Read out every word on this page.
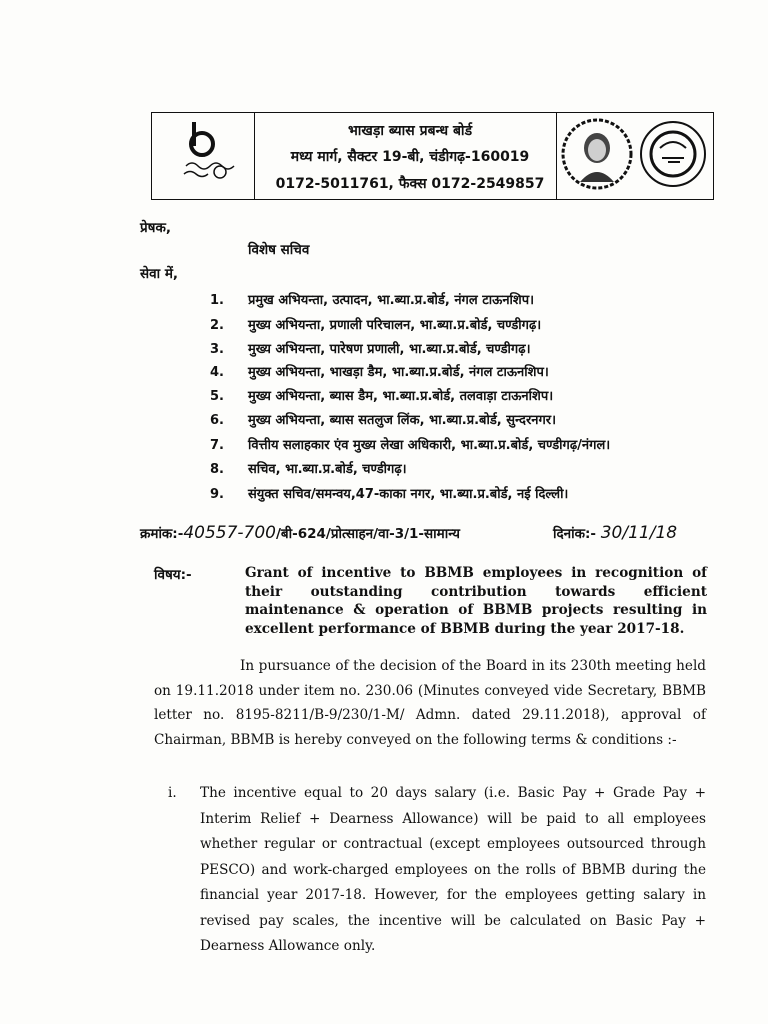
भाखड़ा ब्यास प्रबन्ध बोर्ड
मध्य मार्ग, सैक्टर 19-बी, चंडीगढ़-160019
0172-5011761, फैक्स 0172-2549857
प्रेषक,
विशेष सचिव
सेवा में,
1. प्रमुख अभियन्ता, उत्पादन, भा.ब्या.प्र.बोर्ड, नंगल टाऊनशिप।
2. मुख्य अभियन्ता, प्रणाली परिचालन, भा.ब्या.प्र.बोर्ड, चण्डीगढ़।
3. मुख्य अभियन्ता, पारेषण प्रणाली, भा.ब्या.प्र.बोर्ड, चण्डीगढ़।
4. मुख्य अभियन्ता, भाखड़ा डैम, भा.ब्या.प्र.बोर्ड, नंगल टाऊनशिप।
5. मुख्य अभियन्ता, ब्यास डैम, भा.ब्या.प्र.बोर्ड, तलवाड़ा टाऊनशिप।
6. मुख्य अभियन्ता, ब्यास सतलुज लिंक, भा.ब्या.प्र.बोर्ड, सुन्दरनगर।
7. वित्तीय सलाहकार एंव मुख्य लेखा अधिकारी, भा.ब्या.प्र.बोर्ड, चण्डीगढ़/नंगल।
8. सचिव, भा.ब्या.प्र.बोर्ड, चण्डीगढ़।
9. संयुक्त सचिव/समन्वय,47-काका नगर, भा.ब्या.प्र.बोर्ड, नई दिल्ली।
क्रमांक:-40557-700/बी-624/प्रोत्साहन/वा-3/1-सामान्य	दिनांक:- 30/11/18
विषय:-	Grant of incentive to BBMB employees in recognition of their outstanding contribution towards efficient maintenance & operation of BBMB projects resulting in excellent performance of BBMB during the year 2017-18.
In pursuance of the decision of the Board in its 230th meeting held on 19.11.2018 under item no. 230.06 (Minutes conveyed vide Secretary, BBMB letter no. 8195-8211/B-9/230/1-M/ Admn. dated 29.11.2018), approval of Chairman, BBMB is hereby conveyed on the following terms & conditions :-
i. The incentive equal to 20 days salary (i.e. Basic Pay + Grade Pay + Interim Relief + Dearness Allowance) will be paid to all employees whether regular or contractual (except employees outsourced through PESCO) and work-charged employees on the rolls of BBMB during the financial year 2017-18. However, for the employees getting salary in revised pay scales, the incentive will be calculated on Basic Pay + Dearness Allowance only.
